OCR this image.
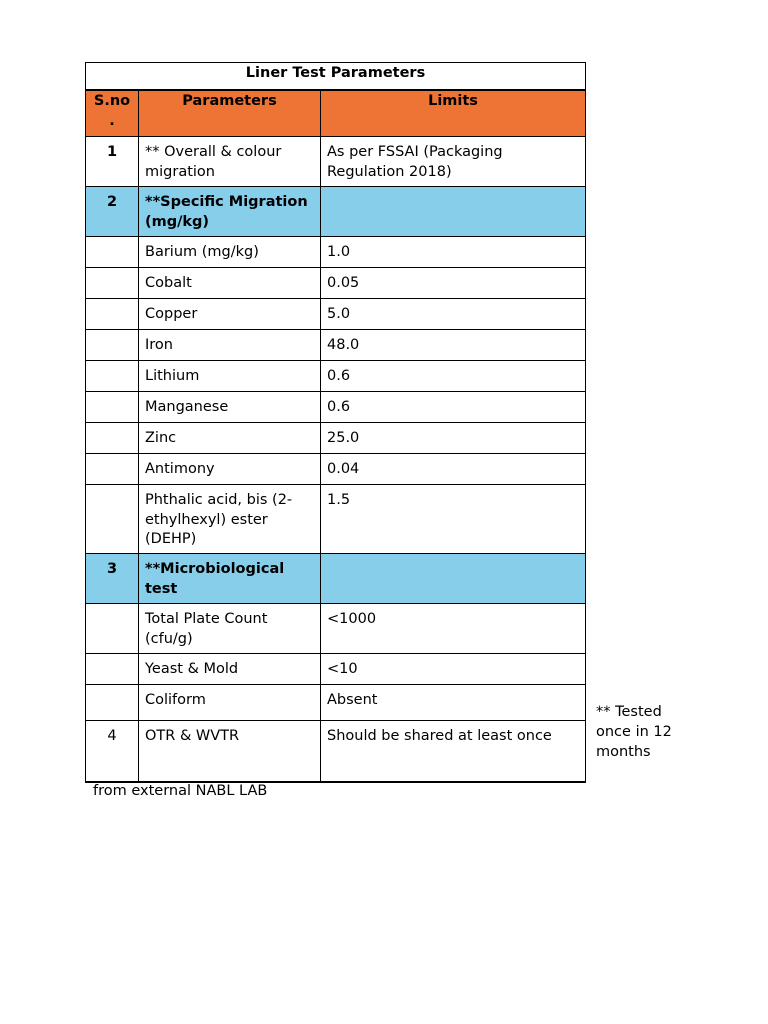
Liner Test Parameters		
S.no .	Parameters	Limits
1	** Overall & colour migration	As per FSSAI (Packaging Regulation 2018)
2	**Specific Migration (mg/kg)	
	Barium (mg/kg)	1.0
	Cobalt	0.05
	Copper	5.0
	Iron	48.0
	Lithium	0.6
	Manganese	0.6
	Zinc	25.0
	Antimony	0.04
	Phthalic acid, bis (2-ethylhexyl) ester (DEHP)	1.5
3	**Microbiological test	
	Total Plate Count (cfu/g)	<1000
	Yeast & Mold	<10
	Coliform	Absent
4	OTR & WVTR	Should be shared at least once
** Tested once in 12 months
from external NABL LAB
